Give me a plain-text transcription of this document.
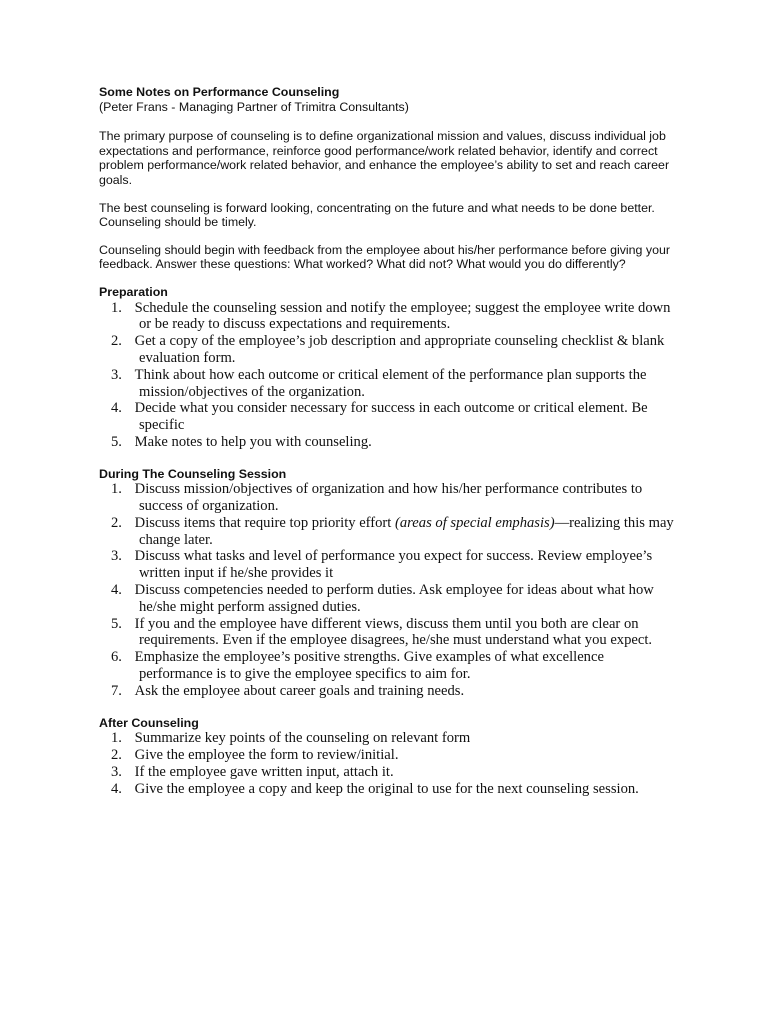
Some Notes on Performance Counseling

(Peter Frans - Managing Partner of Trimitra Consultants)

The primary purpose of counseling is to define organizational mission and values, discuss individual job expectations and performance, reinforce good performance/work related behavior, identify and correct problem performance/work related behavior, and enhance the employee’s ability to set and reach career goals.

The best counseling is forward looking, concentrating on the future and what needs to be done better. Counseling should be timely.

Counseling should begin with feedback from the employee about his/her performance before giving your feedback. Answer these questions: What worked? What did not? What would you do differently?

Preparation

1. Schedule the counseling session and notify the employee; suggest the employee write down or be ready to discuss expectations and requirements.
2. Get a copy of the employee’s job description and appropriate counseling checklist & blank evaluation form.
3. Think about how each outcome or critical element of the performance plan supports the mission/objectives of the organization.
4. Decide what you consider necessary for success in each outcome or critical element. Be specific
5. Make notes to help you with counseling.

During The Counseling Session

1. Discuss mission/objectives of organization and how his/her performance contributes to success of organization.
2. Discuss items that require top priority effort (areas of special emphasis)—realizing this may change later.
3. Discuss what tasks and level of performance you expect for success. Review employee’s written input if he/she provides it
4. Discuss competencies needed to perform duties. Ask employee for ideas about what how he/she might perform assigned duties.
5. If you and the employee have different views, discuss them until you both are clear on requirements. Even if the employee disagrees, he/she must understand what you expect.
6. Emphasize the employee’s positive strengths. Give examples of what excellence performance is to give the employee specifics to aim for.
7. Ask the employee about career goals and training needs.

After Counseling

1. Summarize key points of the counseling on relevant form
2. Give the employee the form to review/initial.
3. If the employee gave written input, attach it.
4. Give the employee a copy and keep the original to use for the next counseling session.
